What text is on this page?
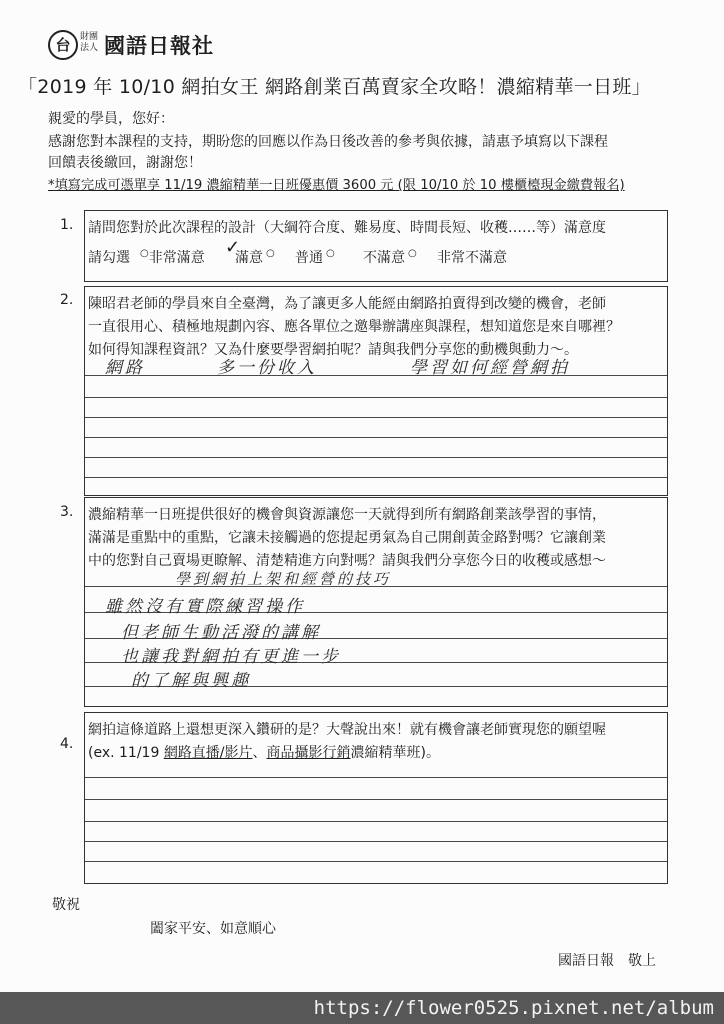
台	財團法人 國語日報社
「2019 年 10/10 網拍女王 網路創業百萬賣家全攻略！濃縮精華一日班」
親愛的學員，您好：
感謝您對本課程的支持，期盼您的回應以作為日後改善的參考與依據，請惠予填寫以下課程
回饋表後繳回，謝謝您！
*填寫完成可憑單享 11/19 濃縮精華一日班優惠價 3600 元 (限 10/10 於 10 樓櫃檯現金繳費報名)
1. 請問您對於此次課程的設計（大綱符合度、難易度、時間長短、收穫……等）滿意度
請勾選	○非常滿意 ✓
滿意 ○ 普通 ○ 不滿意 ○ 非常不滿意
2. 陳昭君老師的學員來自全臺灣，為了讓更多人能經由網路拍賣得到改變的機會，老師
一直很用心、積極地規劃內容、應各單位之邀舉辦講座與課程，想知道您是來自哪裡？
如何得知課程資訊？又為什麼要學習網拍呢？請與我們分享您的動機與動力～。
網路	多一份收入	學習如何經營網拍
3. 濃縮精華一日班提供很好的機會與資源讓您一天就得到所有網路創業該學習的事情，
滿滿是重點中的重點，它讓未接觸過的您提起勇氣為自己開創黃金路對嗎？它讓創業
中的您對自己賣場更瞭解、清楚精進方向對嗎？請與我們分享您今日的收穫或感想～
學到網拍上架和經營的技巧
雖然沒有實際練習操作
但老師生動活潑的講解
也讓我對網拍有更進一步
的了解與興趣
4.
網拍這條道路上還想更深入鑽研的是？大聲說出來！就有機會讓老師實現您的願望喔
(ex. 11/19 網路直播/影片、商品攝影行銷濃縮精華班)。
敬祝
闔家平安、如意順心
國語日報　敬上
https://flower0525.pixnet.net/album
